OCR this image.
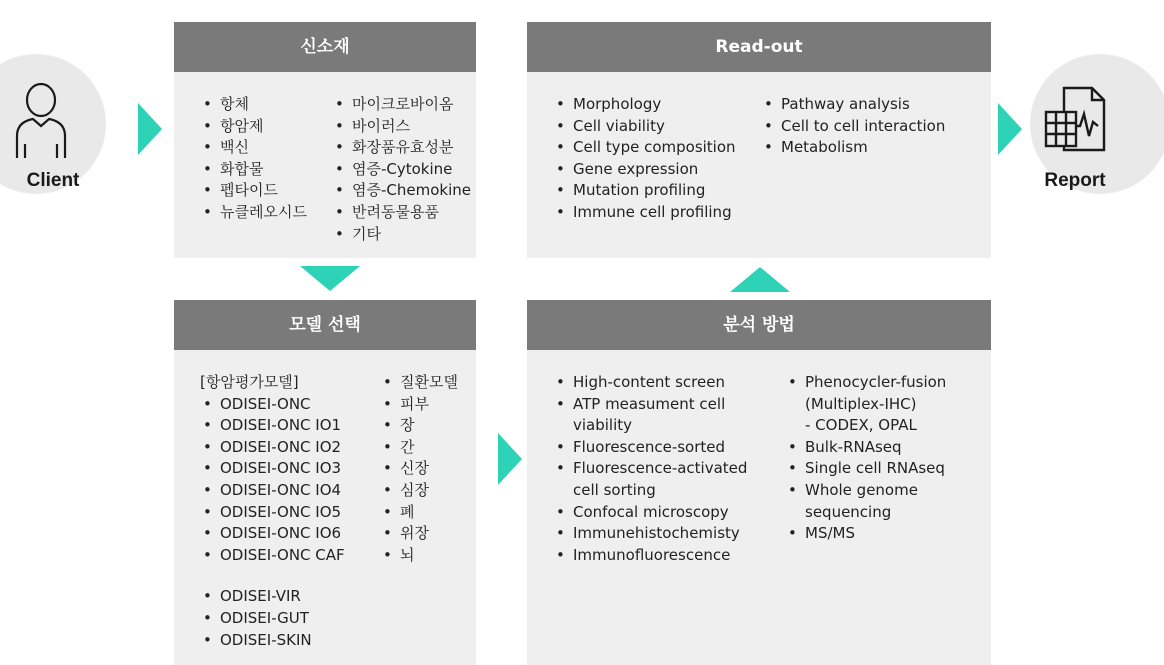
Client	Report
신소재
• 항체
• 항암제
• 백신
• 화합물
• 펩타이드
• 뉴클레오시드
• 마이크로바이옴
• 바이러스
• 화장품유효성분
• 염증-Cytokine
• 염증-Chemokine
• 반려동물용품
• 기타
Read-out
• Morphology
• Cell viability
• Cell type composition
• Gene expression
• Mutation profiling
• Immune cell profiling
• Pathway analysis
• Cell to cell interaction
• Metabolism
모델 선택
[항암평가모델]
• ODISEI-ONC
• ODISEI-ONC IO1
• ODISEI-ONC IO2
• ODISEI-ONC IO3
• ODISEI-ONC IO4
• ODISEI-ONC IO5
• ODISEI-ONC IO6
• ODISEI-ONC CAF
• ODISEI-VIR
• ODISEI-GUT
• ODISEI-SKIN
• 질환모델
• 피부
• 장
• 간
• 신장
• 심장
• 폐
• 위장
• 뇌
분석 방법
• High-content screen
• ATP measument cell
viability
• Fluorescence-sorted
• Fluorescence-activated
cell sorting
• Confocal microscopy
• Immunehistochemisty
• Immunofluorescence
• Phenocycler-fusion
(Multiplex-IHC)
- CODEX, OPAL
• Bulk-RNAseq
• Single cell RNAseq
• Whole genome
sequencing
• MS/MS
